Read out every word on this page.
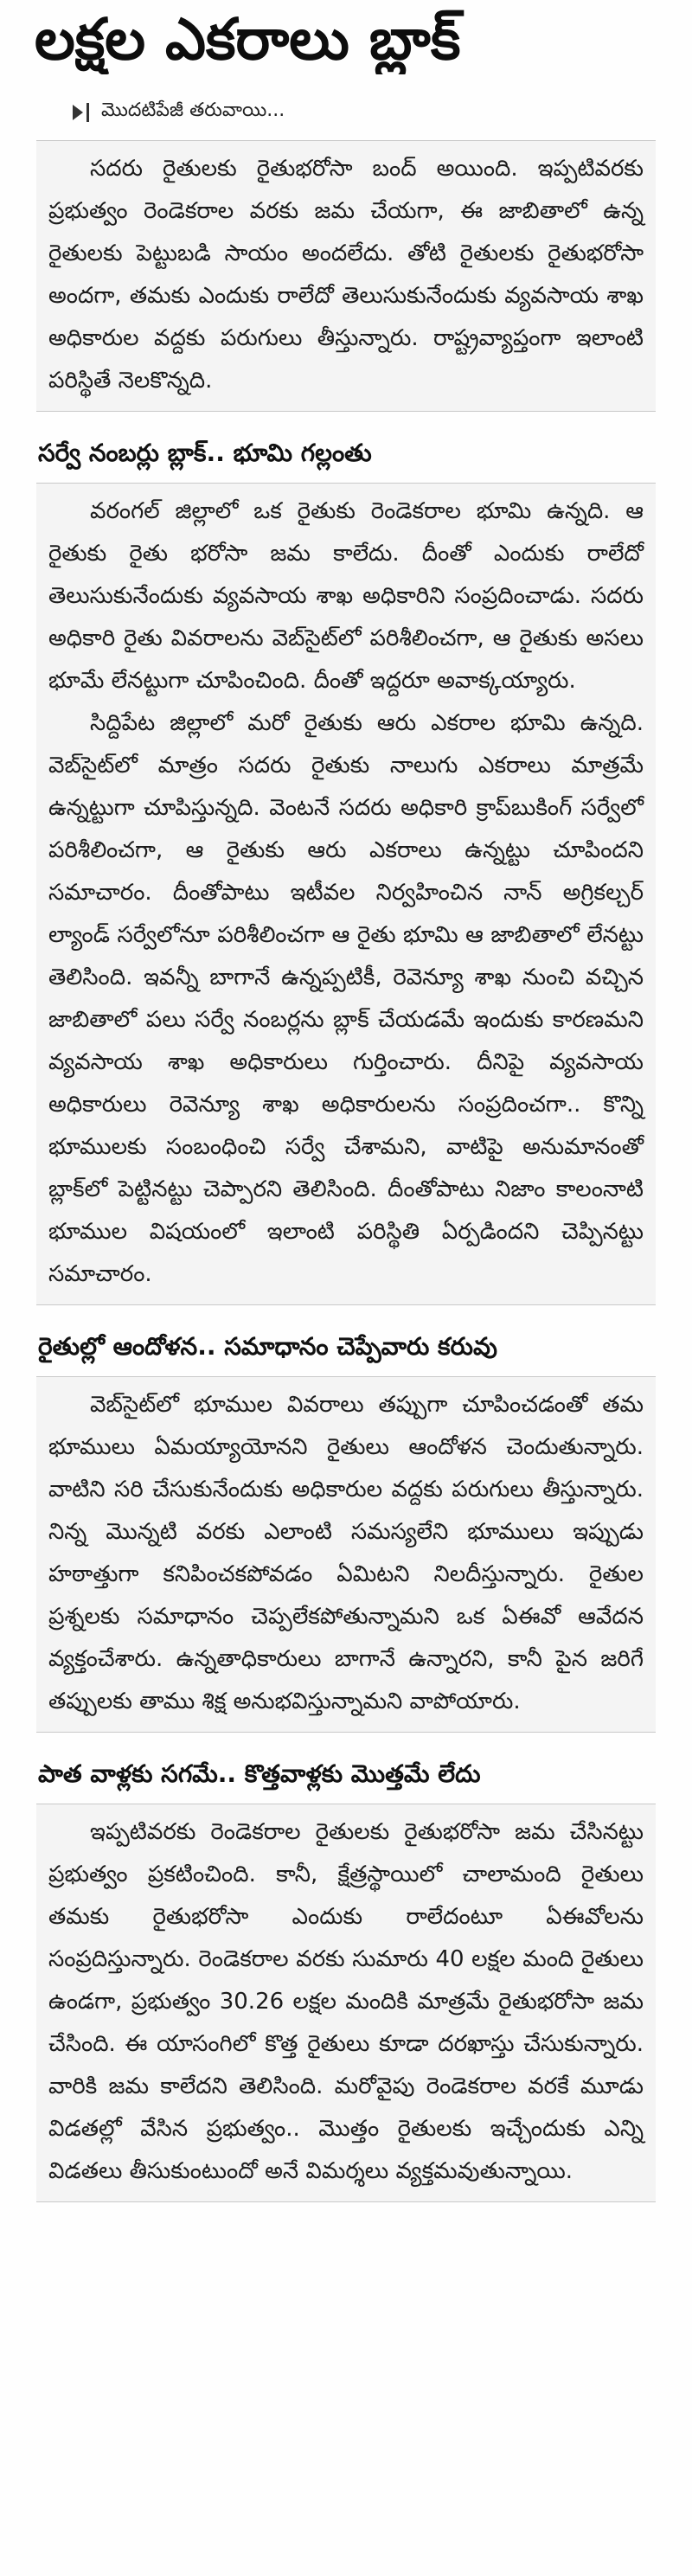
లక్షల ఎకరాలు బ్లాక్
మొదటిపేజీ తరువాయి...

సదరు రైతులకు రైతుభరోసా బంద్ అయింది. ఇప్పటివరకు ప్రభుత్వం రెండెకరాల వరకు జమ చేయగా, ఈ జాబితాలో ఉన్న రైతులకు పెట్టుబడి సాయం అందలేదు. తోటి రైతులకు రైతుభరోసా అందగా, తమకు ఎందుకు రాలేదో తెలుసుకునేందుకు వ్యవసాయ శాఖ అధికారుల వద్దకు పరుగులు తీస్తున్నారు. రాష్ట్రవ్యాప్తంగా ఇలాంటి పరిస్థితే నెలకొన్నది.

సర్వే నంబర్లు బ్లాక్.. భూమి గల్లంతు

వరంగల్ జిల్లాలో ఒక రైతుకు రెండెకరాల భూమి ఉన్నది. ఆ రైతుకు రైతు భరోసా జమ కాలేదు. దీంతో ఎందుకు రాలేదో తెలుసుకునేందుకు వ్యవసాయ శాఖ అధికారిని సంప్రదించాడు. సదరు అధికారి రైతు వివరాలను వెబ్‌సైట్‌లో పరిశీలించగా, ఆ రైతుకు అసలు భూమే లేనట్టుగా చూపించింది. దీంతో ఇద్దరూ అవాక్కయ్యారు.

సిద్దిపేట జిల్లాలో మరో రైతుకు ఆరు ఎకరాల భూమి ఉన్నది. వెబ్‌సైట్‌లో మాత్రం సదరు రైతుకు నాలుగు ఎకరాలు మాత్రమే ఉన్నట్టుగా చూపిస్తున్నది. వెంటనే సదరు అధికారి క్రాప్‌బుకింగ్ సర్వేలో పరిశీలించగా, ఆ రైతుకు ఆరు ఎకరాలు ఉన్నట్టు చూపిందని సమాచారం. దీంతోపాటు ఇటీవల నిర్వహించిన నాన్ అగ్రికల్చర్ ల్యాండ్ సర్వేలోనూ పరిశీలించగా ఆ రైతు భూమి ఆ జాబితాలో లేనట్టు తెలిసింది. ఇవన్నీ బాగానే ఉన్నప్పటికీ, రెవెన్యూ శాఖ నుంచి వచ్చిన జాబితాలో పలు సర్వే నంబర్లను బ్లాక్ చేయడమే ఇందుకు కారణమని వ్యవసాయ శాఖ అధికారులు గుర్తించారు. దీనిపై వ్యవసాయ అధికారులు రెవెన్యూ శాఖ అధికారులను సంప్రదించగా.. కొన్ని భూములకు సంబంధించి సర్వే చేశామని, వాటిపై అనుమానంతో బ్లాక్‌లో పెట్టినట్టు చెప్పారని తెలిసింది. దీంతోపాటు నిజాం కాలంనాటి భూముల విషయంలో ఇలాంటి పరిస్థితి ఏర్పడిందని చెప్పినట్టు సమాచారం.

రైతుల్లో ఆందోళన.. సమాధానం చెప్పేవారు కరువు

వెబ్‌సైట్‌లో భూముల వివరాలు తప్పుగా చూపించడంతో తమ భూములు ఏమయ్యాయోనని రైతులు ఆందోళన చెందుతున్నారు. వాటిని సరి చేసుకునేందుకు అధికారుల వద్దకు పరుగులు తీస్తున్నారు. నిన్న మొన్నటి వరకు ఎలాంటి సమస్యలేని భూములు ఇప్పుడు హఠాత్తుగా కనిపించకపోవడం ఏమిటని నిలదీస్తున్నారు. రైతుల ప్రశ్నలకు సమాధానం చెప్పలేకపోతున్నామని ఒక ఏఈవో ఆవేదన వ్యక్తంచేశారు. ఉన్నతాధికారులు బాగానే ఉన్నారని, కానీ పైన జరిగే తప్పులకు తాము శిక్ష అనుభవిస్తున్నామని వాపోయారు.

పాత వాళ్లకు సగమే.. కొత్తవాళ్లకు మొత్తమే లేదు

ఇప్పటివరకు రెండెకరాల రైతులకు రైతుభరోసా జమ చేసినట్టు ప్రభుత్వం ప్రకటించింది. కానీ, క్షేత్రస్థాయిలో చాలామంది రైతులు తమకు రైతుభరోసా ఎందుకు రాలేదంటూ ఏఈవోలను సంప్రదిస్తున్నారు. రెండెకరాల వరకు సుమారు 40 లక్షల మంది రైతులు ఉండగా, ప్రభుత్వం 30.26 లక్షల మందికి మాత్రమే రైతుభరోసా జమ చేసింది. ఈ యాసంగిలో కొత్త రైతులు కూడా దరఖాస్తు చేసుకున్నారు. వారికి జమ కాలేదని తెలిసింది. మరోవైపు రెండెకరాల వరకే మూడు విడతల్లో వేసిన ప్రభుత్వం.. మొత్తం రైతులకు ఇచ్చేందుకు ఎన్ని విడతలు తీసుకుంటుందో అనే విమర్శలు వ్యక్తమవుతున్నాయి.
